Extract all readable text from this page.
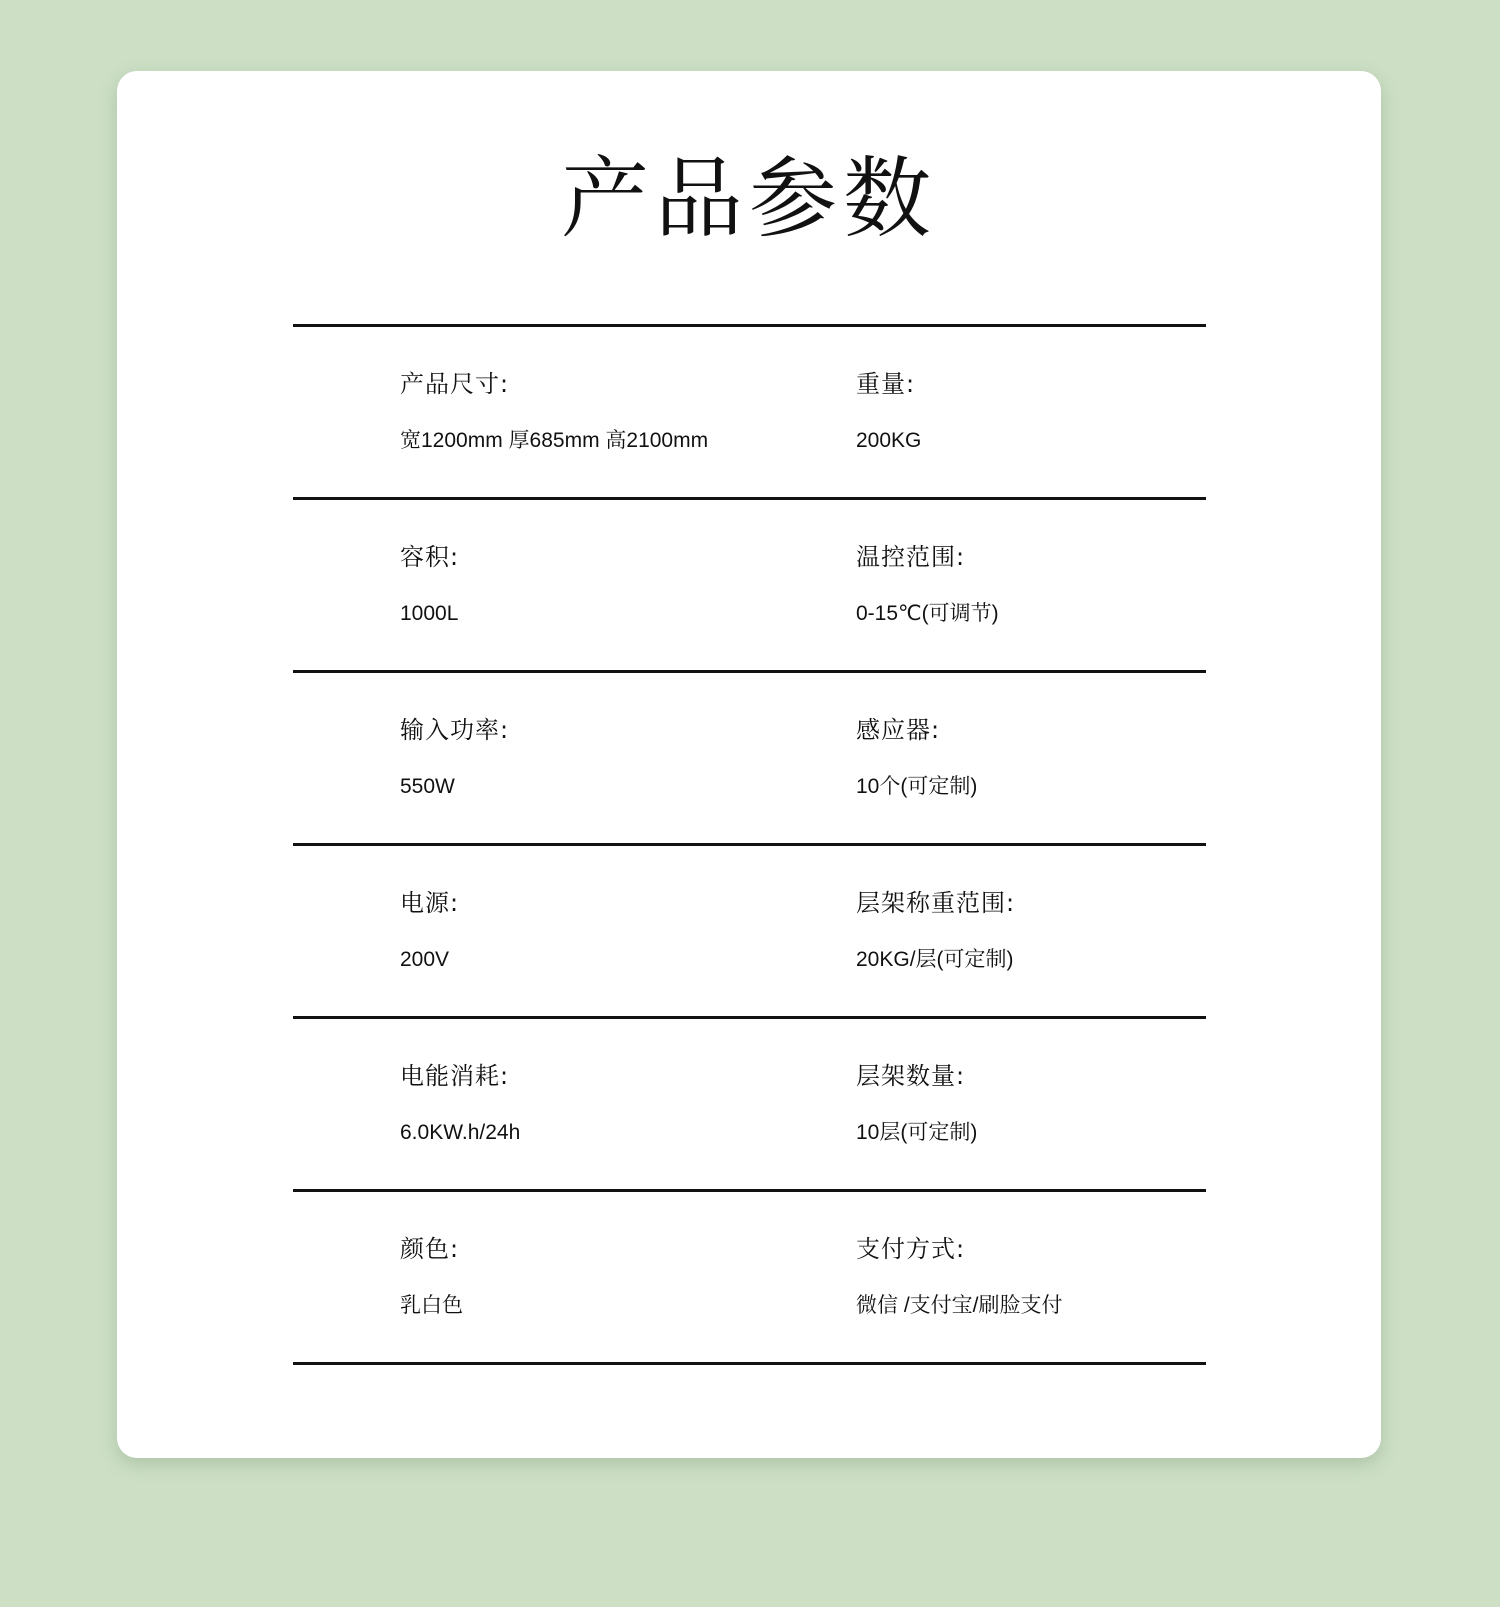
产品参数
产品尺寸:
宽1200mm 厚685mm 高2100mm
重量:
200KG
容积:
1000L
温控范围:
0-15℃(可调节)
输入功率:
550W
感应器:
10个(可定制)
电源:
200V
层架称重范围:
20KG/层(可定制)
电能消耗:
6.0KW.h/24h
层架数量:
10层(可定制)
颜色:
乳白色
支付方式:
微信 /支付宝/刷脸支付
